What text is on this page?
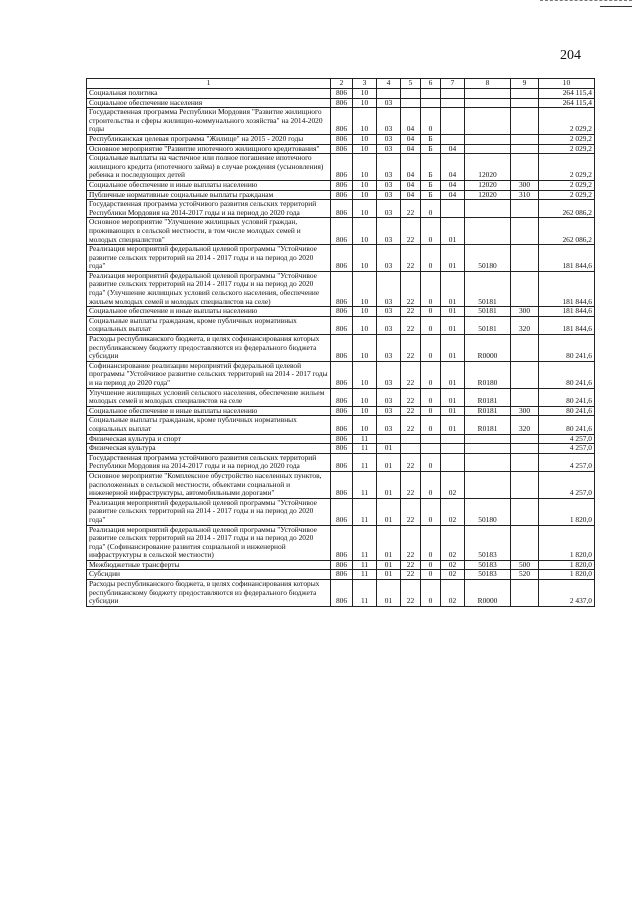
204
1	2	3	4	5	6	7	8	9	10
Социальная политика	806	10							264 115,4
Социальное обеспечение населения	806	10	03						264 115,4
Государственная программа Республики Мордовия "Развитие жилищного строительства и сферы жилищно-коммунального хозяйства" на 2014-2020 годы	806	10	03	04	0				2 029,2
Республиканская целевая программа "Жилище" на 2015 - 2020 годы	806	10	03	04	Б				2 029,2
Основное мероприятие "Развитие ипотечного жилищного кредитования"	806	10	03	04	Б	04			2 029,2
Социальные выплаты на частичное или полное погашение ипотечного жилищного кредита (ипотечного займа) в случае рождения (усыновления) ребенка и последующих детей	806	10	03	04	Б	04	12020		2 029,2
Социальное обеспечение и иные выплаты населению	806	10	03	04	Б	04	12020	300	2 029,2
Публичные нормативные социальные выплаты гражданам	806	10	03	04	Б	04	12020	310	2 029,2
Государственная программа устойчивого развития сельских территорий Республики Мордовия на 2014-2017 годы и на период до 2020 года	806	10	03	22	0				262 086,2
Основное мероприятие "Улучшение жилищных условий граждан, проживающих в сельской местности, в том числе молодых семей и молодых специалистов"	806	10	03	22	0	01			262 086,2
Реализация мероприятий федеральной целевой программы "Устойчивое развитие сельских территорий на 2014 - 2017 годы и на период до 2020 года"	806	10	03	22	0	01	50180		181 844,6
Реализация мероприятий федеральной целевой программы "Устойчивое развитие сельских территорий на 2014 - 2017 годы и на период до 2020 года" (Улучшение жилищных условий сельского населения, обеспечение жильем молодых семей и молодых специалистов на селе)	806	10	03	22	0	01	50181		181 844,6
Социальное обеспечение и иные выплаты населению	806	10	03	22	0	01	50181	300	181 844,6
Социальные выплаты гражданам, кроме публичных нормативных социальных выплат	806	10	03	22	0	01	50181	320	181 844,6
Расходы республиканского бюджета, в целях софинансирования которых республиканскому бюджету предоставляются из федерального бюджета субсидии	806	10	03	22	0	01	R0000		80 241,6
Софинансирование реализации мероприятий федеральной целевой программы "Устойчивое развитие сельских территорий на 2014 - 2017 годы и на период до 2020 года"	806	10	03	22	0	01	R0180		80 241,6
Улучшение жилищных условий сельского населения, обеспечение жильем молодых семей и молодых специалистов на селе	806	10	03	22	0	01	R0181		80 241,6
Социальное обеспечение и иные выплаты населению	806	10	03	22	0	01	R0181	300	80 241,6
Социальные выплаты гражданам, кроме публичных нормативных социальных выплат	806	10	03	22	0	01	R0181	320	80 241,6
Физическая культура и спорт	806	11							4 257,0
Физическая культура	806	11	01						4 257,0
Государственная программа устойчивого развития сельских территорий Республики Мордовия на 2014-2017 годы и на период до 2020 года	806	11	01	22	0				4 257,0
Основное мероприятие "Комплексное обустройство населенных пунктов, расположенных в сельской местности, объектами социальной и инженерной инфраструктуры, автомобильными дорогами"	806	11	01	22	0	02			4 257,0
Реализация мероприятий федеральной целевой программы "Устойчивое развитие сельских территорий на 2014 - 2017 годы и на период до 2020 года"	806	11	01	22	0	02	50180		1 820,0
Реализация мероприятий федеральной целевой программы "Устойчивое развитие сельских территорий на 2014 - 2017 годы и на период до 2020 года" (Софинансирование развития социальной и инженерной инфраструктуры в сельской местности)	806	11	01	22	0	02	50183		1 820,0
Межбюджетные трансферты	806	11	01	22	0	02	50183	500	1 820,0
Субсидии	806	11	01	22	0	02	50183	520	1 820,0
Расходы республиканского бюджета, в целях софинансирования которых республиканскому бюджету предоставляются из федерального бюджета субсидии	806	11	01	22	0	02	R0000		2 437,0
